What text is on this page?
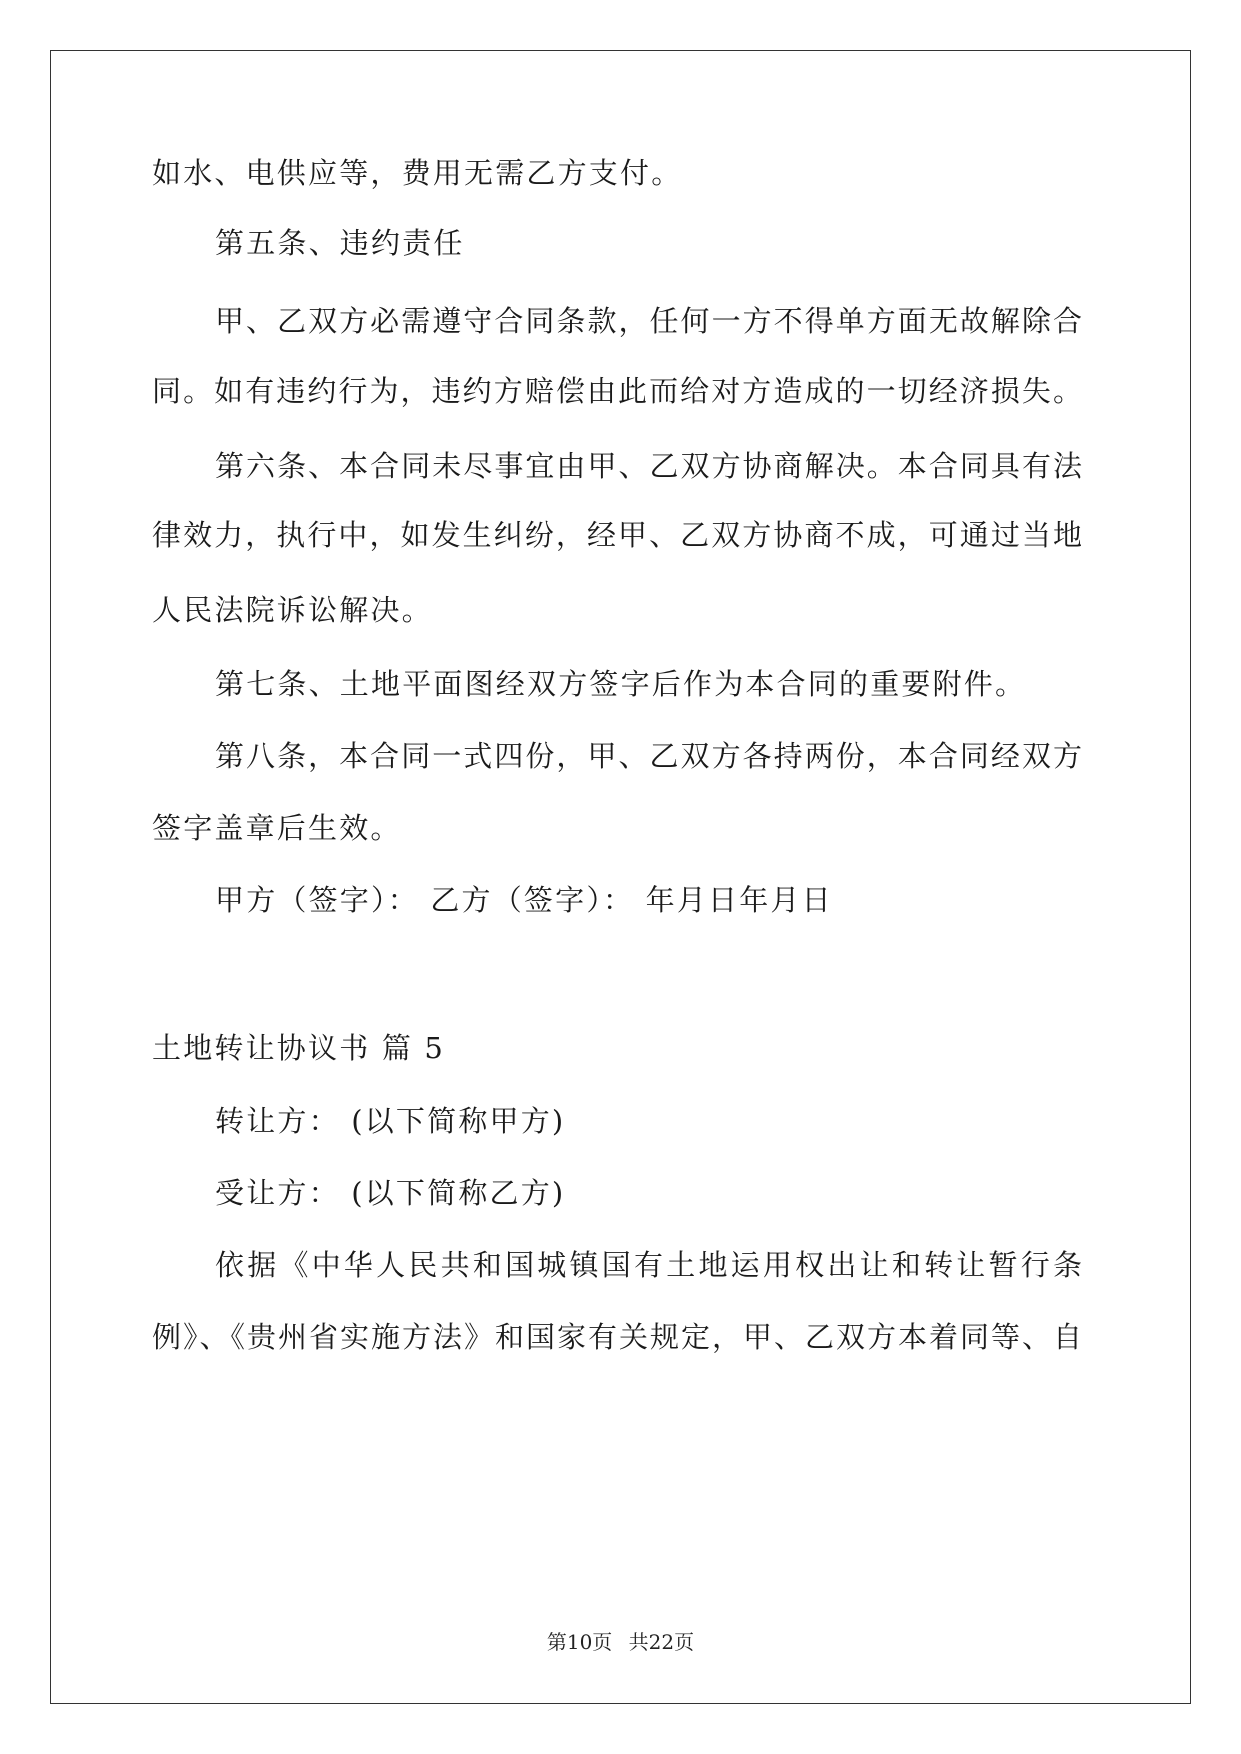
如水、电供应等，费用无需乙方支付。
第五条、违约责任
甲、乙双方必需遵守合同条款，任何一方不得单方面无故解除合
同。如有违约行为，违约方赔偿由此而给对方造成的一切经济损失。
第六条、本合同未尽事宜由甲、乙双方协商解决。本合同具有法
律效力，执行中，如发生纠纷，经甲、乙双方协商不成，可通过当地
人民法院诉讼解决。
第七条、土地平面图经双方签字后作为本合同的重要附件。
第八条，本合同一式四份，甲、乙双方各持两份，本合同经双方
签字盖章后生效。
甲方（签字）： 乙方（签字）： 年月日年月日
土地转让协议书 篇 5
转让方： (以下简称甲方)
受让方： (以下简称乙方)
依据《中华人民共和国城镇国有土地运用权出让和转让暂行条
例》、《贵州省实施方法》和国家有关规定，甲、乙双方本着同等、自
第10页 共22页
